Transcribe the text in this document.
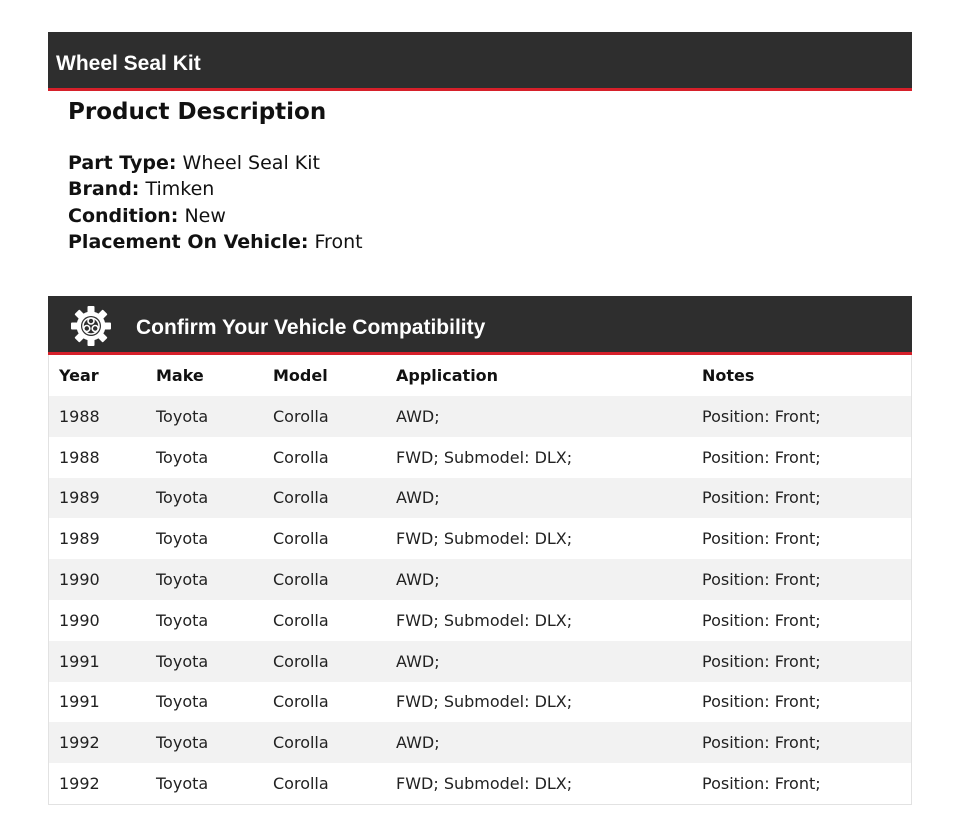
Wheel Seal Kit
Product Description
Part Type: Wheel Seal Kit
Brand: Timken
Condition: New
Placement On Vehicle: Front
Confirm Your Vehicle Compatibility
Year	Make	Model	Application	Notes
1988	Toyota	Corolla	AWD;	Position: Front;
1988	Toyota	Corolla	FWD; Submodel: DLX;	Position: Front;
1989	Toyota	Corolla	AWD;	Position: Front;
1989	Toyota	Corolla	FWD; Submodel: DLX;	Position: Front;
1990	Toyota	Corolla	AWD;	Position: Front;
1990	Toyota	Corolla	FWD; Submodel: DLX;	Position: Front;
1991	Toyota	Corolla	AWD;	Position: Front;
1991	Toyota	Corolla	FWD; Submodel: DLX;	Position: Front;
1992	Toyota	Corolla	AWD;	Position: Front;
1992	Toyota	Corolla	FWD; Submodel: DLX;	Position: Front;
